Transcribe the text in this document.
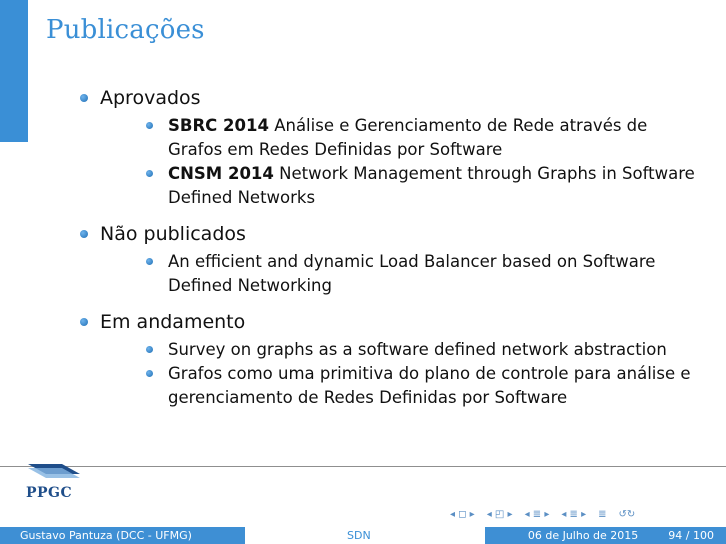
Publicações
Aprovados
SBRC 2014 Análise e Gerenciamento de Rede através de Grafos em Redes Definidas por Software
CNSM 2014 Network Management through Graphs in Software Defined Networks
Não publicados
An efficient and dynamic Load Balancer based on Software Defined Networking
Em andamento
Survey on graphs as a software defined network abstraction
Grafos como uma primitiva do plano de controle para análise e gerenciamento de Redes Definidas por Software
PPGC
◂ ◻ ▸ ◂ ◰ ▸ ◂ ≣ ▸ ◂ ≣ ▸ ≣ ↺↻
Gustavo Pantuza (DCC - UFMG)	SDN	06 de Julho de 2015	94 / 100
